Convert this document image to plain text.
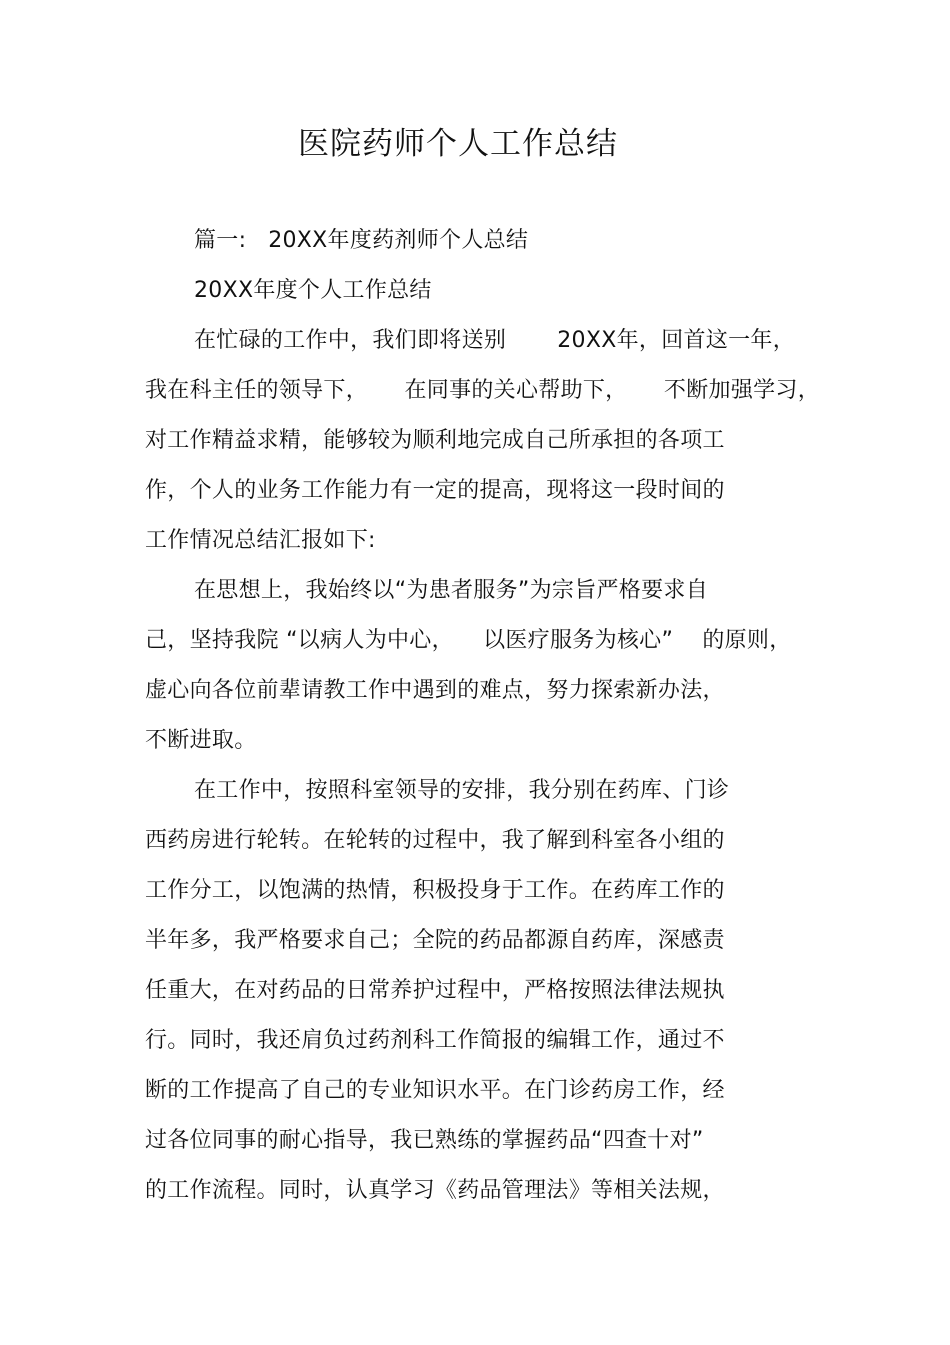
医院药师个人工作总结
篇一:   20XX年度药剂师个人总结
20XX年度个人工作总结
在忙碌的工作中，我们即将送别       20XX年，回首这一年，
我在科主任的领导下，     在同事的关心帮助下，     不断加强学习，
对工作精益求精，能够较为顺利地完成自己所承担的各项工
作，个人的业务工作能力有一定的提高，现将这一段时间的
工作情况总结汇报如下:
在思想上，我始终以“为患者服务”为宗旨严格要求自
己，坚持我院 “以病人为中心，    以医疗服务为核心”    的原则，
虚心向各位前辈请教工作中遇到的难点，努力探索新办法，
不断进取。
在工作中，按照科室领导的安排，我分别在药库、门诊
西药房进行轮转。在轮转的过程中，我了解到科室各小组的
工作分工，以饱满的热情，积极投身于工作。在药库工作的
半年多，我严格要求自己；全院的药品都源自药库，深感责
任重大，在对药品的日常养护过程中，严格按照法律法规执
行。同时，我还肩负过药剂科工作简报的编辑工作，通过不
断的工作提高了自己的专业知识水平。在门诊药房工作，经
过各位同事的耐心指导，我已熟练的掌握药品“四查十对”
的工作流程。同时，认真学习《药品管理法》等相关法规，
